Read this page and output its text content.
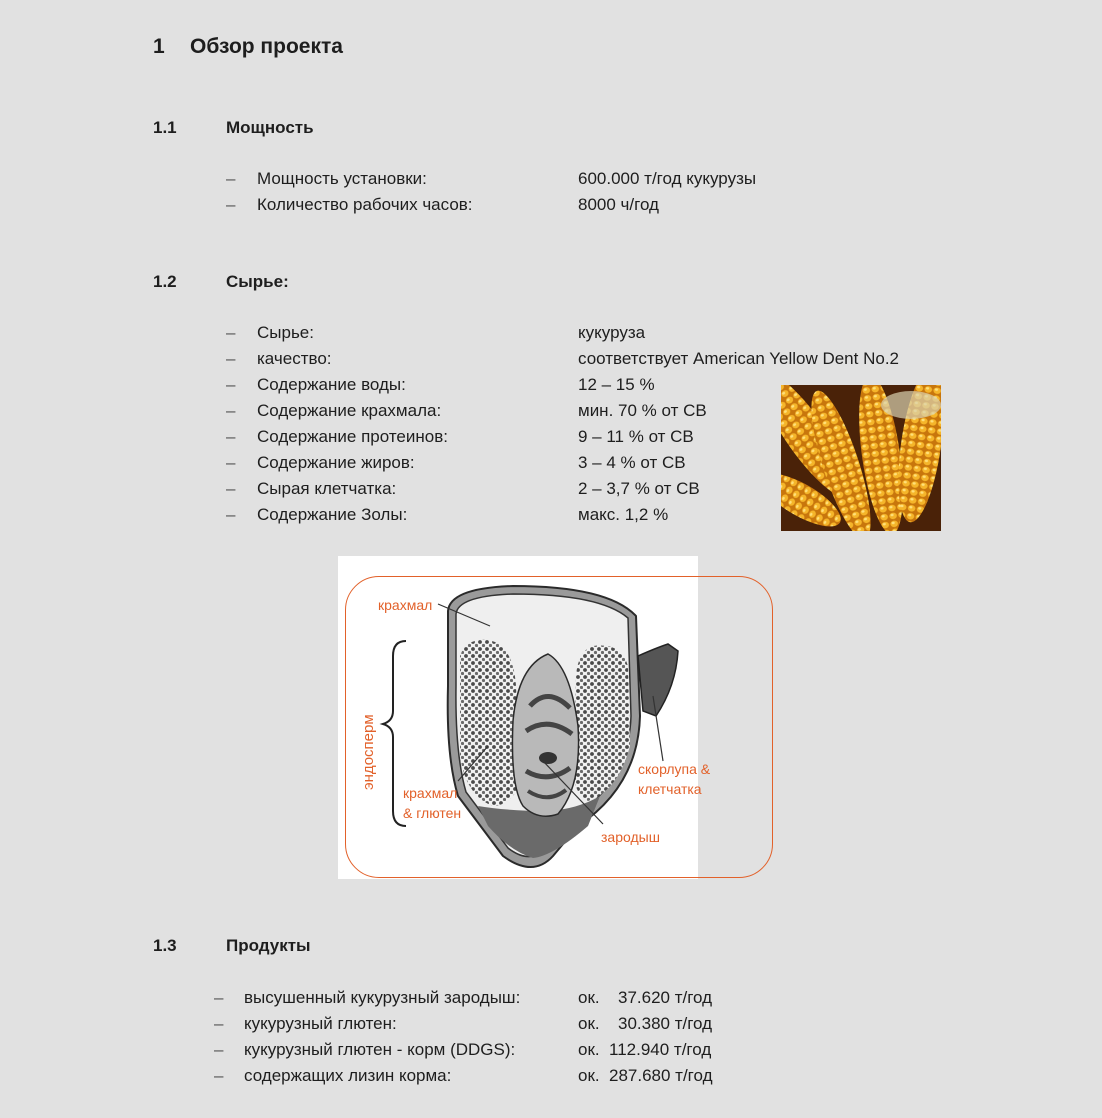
1 Обзор проекта
1.1	Мощность
– Мощность установки:	600.000 т/год кукурузы
– Количество рабочих часов:	8000 ч/год
1.2	Сырье:
– Сырье:	кукуруза
– качество:	соответствует American Yellow Dent No.2
– Содержание воды:	12 – 15 %
– Содержание крахмала:	мин. 70 % от СВ
– Содержание протеинов:	9 – 11 % от СВ
– Содержание жиров:	3 – 4 % от СВ
– Сырая клетчатка:	2 – 3,7 % от СВ
– Содержание Золы:	макс. 1,2 %
крахмал
эндосперм
крахмал
& глютен
скорлупа &
клетчатка
зародыш
1.3	Продукты
– высушенный кукурузный зародыш:	ок. 37.620 т/год
– кукурузный глютен:	ок. 30.380 т/год
– кукурузный глютен - корм (DDGS):	ок. 112.940 т/год
– содержащих лизин корма:	ок. 287.680 т/год
